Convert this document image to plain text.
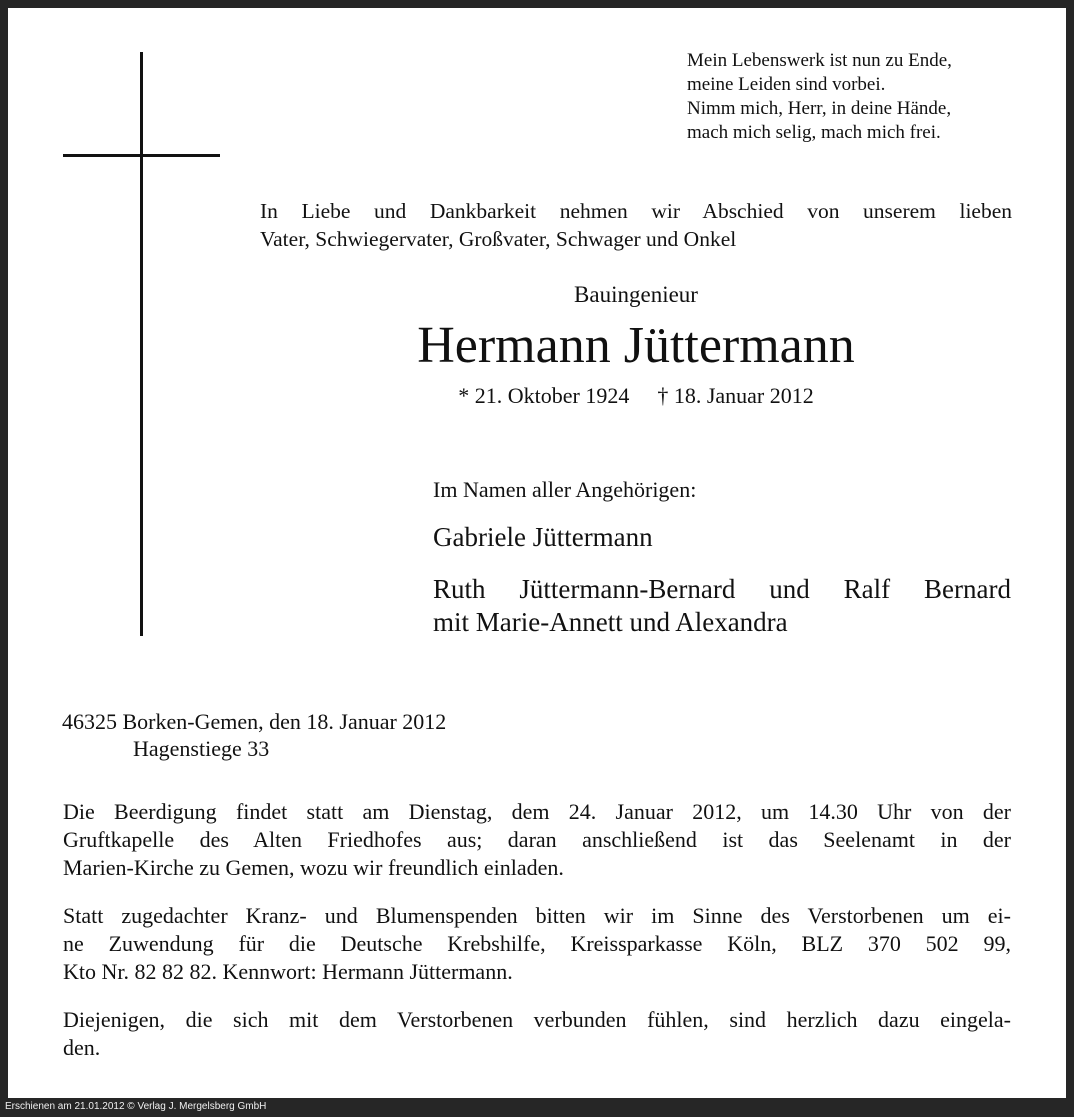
Mein Lebenswerk ist nun zu Ende,
meine Leiden sind vorbei.
Nimm mich, Herr, in deine Hände,
mach mich selig, mach mich frei.
In Liebe und Dankbarkeit nehmen wir Abschied von unserem lieben
Vater, Schwiegervater, Großvater, Schwager und Onkel
Bauingenieur
Hermann Jüttermann
* 21. Oktober 1924 † 18. Januar 2012
Im Namen aller Angehörigen:
Gabriele Jüttermann
Ruth Jüttermann-Bernard und Ralf Bernard
mit Marie-Annett und Alexandra
46325 Borken-Gemen, den 18. Januar 2012
Hagenstiege 33
Die Beerdigung findet statt am Dienstag, dem 24. Januar 2012, um 14.30 Uhr von der
Gruftkapelle des Alten Friedhofes aus; daran anschließend ist das Seelenamt in der
Marien-Kirche zu Gemen, wozu wir freundlich einladen.
Statt zugedachter Kranz- und Blumenspenden bitten wir im Sinne des Verstorbenen um ei-
ne Zuwendung für die Deutsche Krebshilfe, Kreissparkasse Köln, BLZ 370 502 99,
Kto Nr. 82 82 82. Kennwort: Hermann Jüttermann.
Diejenigen, die sich mit dem Verstorbenen verbunden fühlen, sind herzlich dazu eingela-
den.
Erschienen am 21.01.2012 © Verlag J. Mergelsberg GmbH
